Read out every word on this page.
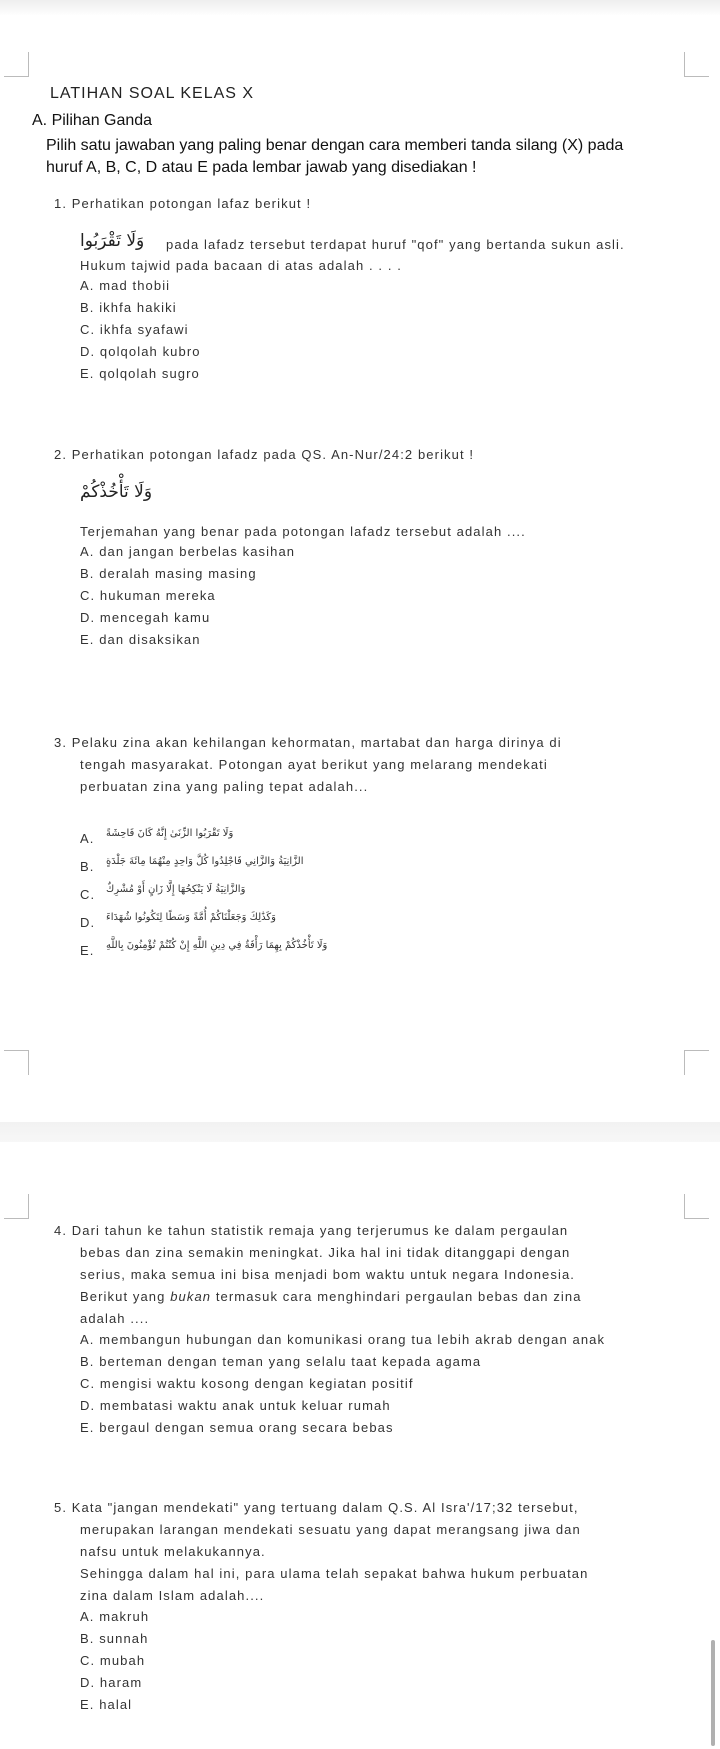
LATIHAN SOAL KELAS X
A. Pilihan Ganda
Pilih satu jawaban yang paling benar dengan cara memberi tanda silang (X) pada
huruf A, B, C, D atau E pada lembar jawab yang disediakan !
1. Perhatikan potongan lafaz berikut !
وَلَا تَقْرَبُوا pada lafadz tersebut terdapat huruf "qof" yang bertanda sukun asli.
Hukum tajwid pada bacaan di atas adalah . . . .
A. mad thobii
B. ikhfa hakiki
C. ikhfa syafawi
D. qolqolah kubro
E. qolqolah sugro
2. Perhatikan potongan lafadz pada QS. An-Nur/24:2 berikut !
وَلَا تَأْخُذْكُمْ
Terjemahan yang benar pada potongan lafadz tersebut adalah ....
A. dan jangan berbelas kasihan
B. deralah masing masing
C. hukuman mereka
D. mencegah kamu
E. dan disaksikan
3. Pelaku zina akan kehilangan kehormatan, martabat dan harga dirinya di
tengah masyarakat. Potongan ayat berikut yang melarang mendekati
perbuatan zina yang paling tepat adalah...
A. وَلَا تَقْرَبُوا الزِّنَىٰ إِنَّهُ كَانَ فَاحِشَةً
B. الزَّانِيَةُ وَالزَّانِي فَاجْلِدُوا كُلَّ وَاحِدٍ مِنْهُمَا مِائَةَ جَلْدَةٍ
C. وَالزَّانِيَةُ لَا يَنْكِحُهَا إِلَّا زَانٍ أَوْ مُشْرِكٌ
D. وَكَذَٰلِكَ وَجَعَلْنَاكُمْ أُمَّةً وَسَطًا لِتَكُونُوا شُهَدَاءَ
E. وَلَا تَأْخُذْكُمْ بِهِمَا رَأْفَةٌ فِي دِينِ اللَّهِ إِنْ كُنْتُمْ تُؤْمِنُونَ بِاللَّهِ
4. Dari tahun ke tahun statistik remaja yang terjerumus ke dalam pergaulan
bebas dan zina semakin meningkat. Jika hal ini tidak ditanggapi dengan
serius, maka semua ini bisa menjadi bom waktu untuk negara Indonesia.
Berikut yang bukan termasuk cara menghindari pergaulan bebas dan zina
adalah ....
A. membangun hubungan dan komunikasi orang tua lebih akrab dengan anak
B. berteman dengan teman yang selalu taat kepada agama
C. mengisi waktu kosong dengan kegiatan positif
D. membatasi waktu anak untuk keluar rumah
E. bergaul dengan semua orang secara bebas
5. Kata "jangan mendekati" yang tertuang dalam Q.S. Al Isra'/17;32 tersebut,
merupakan larangan mendekati sesuatu yang dapat merangsang jiwa dan
nafsu untuk melakukannya.
Sehingga dalam hal ini, para ulama telah sepakat bahwa hukum perbuatan
zina dalam Islam adalah....
A. makruh
B. sunnah
C. mubah
D. haram
E. halal
